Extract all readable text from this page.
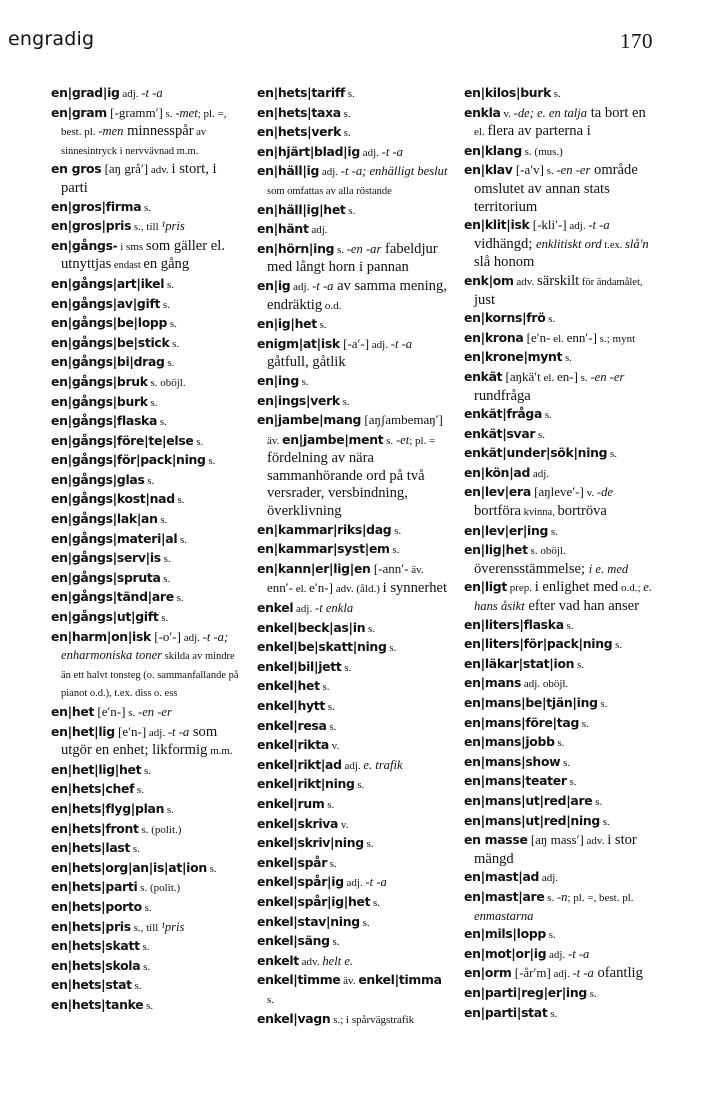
engradig	170
en|grad|ig adj. -t -a
en|gram [-gramm′] s. -met; pl. =, best. pl. -men minnesspår av sinnesintryck i nervvävnad m.m.
en gros [aŋ grå′] adv. i stort, i parti
en|gros|firma s.
en|gros|pris s., till ¹pris
en|gångs- i sms som gäller el. utnyttjas endast en gång
en|gångs|art|ikel s.
en|gångs|av|gift s.
en|gångs|be|lopp s.
en|gångs|be|stick s.
en|gångs|bi|drag s.
en|gångs|bruk s. oböjl.
en|gångs|burk s.
en|gångs|flaska s.
en|gångs|före|te|else s.
en|gångs|för|pack|ning s.
en|gångs|glas s.
en|gångs|kost|nad s.
en|gångs|lak|an s.
en|gångs|materi|al s.
en|gångs|serv|is s.
en|gångs|spruta s.
en|gångs|tänd|are s.
en|gångs|ut|gift s.
en|harm|on|isk [-o′-] adj. -t -a; enharmoniska toner skilda av mindre än ett halvt tonsteg (o. sammanfallande på pianot o.d.), t.ex. diss o. ess
en|het [e′n-] s. -en -er
en|het|lig [e′n-] adj. -t -a som utgör en enhet; likformig m.m.
en|het|lig|het s.
en|hets|chef s.
en|hets|flyg|plan s.
en|hets|front s. (polit.)
en|hets|last s.
en|hets|org|an|is|at|ion s.
en|hets|parti s. (polit.)
en|hets|porto s.
en|hets|pris s., till ¹pris
en|hets|skatt s.
en|hets|skola s.
en|hets|stat s.
en|hets|tanke s.
en|hets|tariff s.
en|hets|taxa s.
en|hets|verk s.
en|hjärt|blad|ig adj. -t -a
en|häll|ig adj. -t -a; enhälligt beslut som omfattas av alla röstande
en|häll|ig|het s.
en|hänt adj.
en|hörn|ing s. -en -ar fabeldjur med långt horn i pannan
en|ig adj. -t -a av samma mening, endräktig o.d.
en|ig|het s.
enigm|at|isk [-a′-] adj. -t -a gåtfull, gåtlik
en|ing s.
en|ings|verk s.
en|jambe|mang [aŋʃambemaŋ′] äv. en|jambe|ment s. -et; pl. = fördelning av nära sammanhörande ord på två versrader, versbindning, överklivning
en|kammar|riks|dag s.
en|kammar|syst|em s.
en|kann|er|lig|en [-ann′- äv. enn′- el. e′n-] adv. (åld.) i synnerhet
enkel adj. -t enkla
enkel|beck|as|in s.
enkel|be|skatt|ning s.
enkel|bil|jett s.
enkel|het s.
enkel|hytt s.
enkel|resa s.
enkel|rikta v.
enkel|rikt|ad adj. e. trafik
enkel|rikt|ning s.
enkel|rum s.
enkel|skriva v.
enkel|skriv|ning s.
enkel|spår s.
enkel|spår|ig adj. -t -a
enkel|spår|ig|het s.
enkel|stav|ning s.
enkel|säng s.
enkelt adv. helt e.
enkel|timme äv. enkel|timma s.
enkel|vagn s.; i spårvägstrafik
en|kilos|burk s.
enkla v. -de; e. en talja ta bort en el. flera av parterna i
en|klang s. (mus.)
en|klav [-a′v] s. -en -er område omslutet av annan stats territorium
en|klit|isk [-kli′-] adj. -t -a vidhängd; enklitiskt ord t.ex. slå'n slå honom
enk|om adv. särskilt för ändamålet, just
en|korns|frö s.
en|krona [e′n- el. enn′-] s.; mynt
en|krone|mynt s.
enkät [aŋkä′t el. en-] s. -en -er rundfråga
enkät|fråga s.
enkät|svar s.
enkät|under|sök|ning s.
en|kön|ad adj.
en|lev|era [aŋleve′-] v. -de bortföra kvinna, bortröva
en|lev|er|ing s.
en|lig|het s. oböjl. överensstämmelse; i e. med
en|ligt prep. i enlighet med o.d.; e. hans åsikt efter vad han anser
en|liters|flaska s.
en|liters|för|pack|ning s.
en|läkar|stat|ion s.
en|mans adj. oböjl.
en|mans|be|tjän|ing s.
en|mans|före|tag s.
en|mans|jobb s.
en|mans|show s.
en|mans|teater s.
en|mans|ut|red|are s.
en|mans|ut|red|ning s.
en masse [aŋ mass′] adv. i stor mängd
en|mast|ad adj.
en|mast|are s. -n; pl. =, best. pl. enmastarna
en|mils|lopp s.
en|mot|or|ig adj. -t -a
en|orm [-år′m] adj. -t -a ofantlig
en|parti|reg|er|ing s.
en|parti|stat s.
